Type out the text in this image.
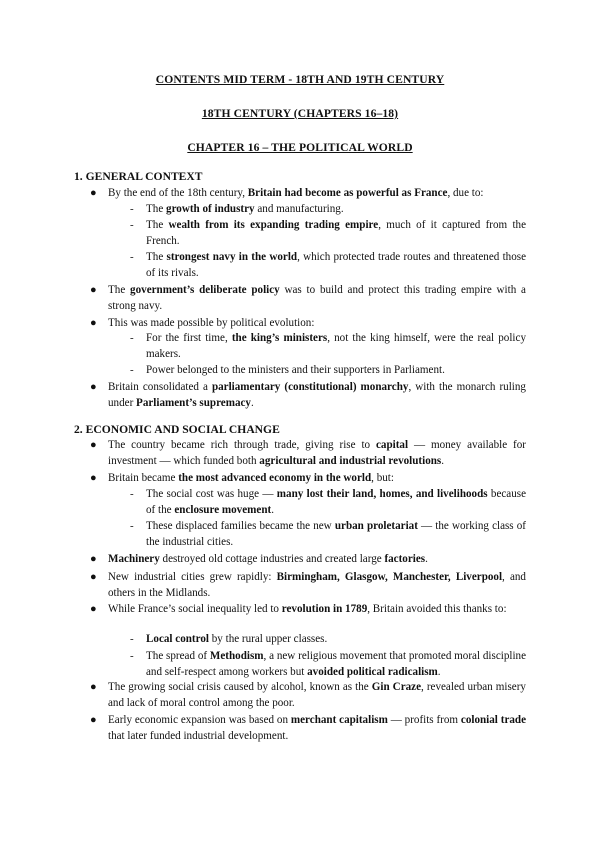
CONTENTS MID TERM - 18TH AND 19TH CENTURY
18TH CENTURY (CHAPTERS 16–18)
CHAPTER 16 – THE POLITICAL WORLD
1. GENERAL CONTEXT
● By the end of the 18th century, Britain had become as powerful as France, due to:
- The growth of industry and manufacturing.
- The wealth from its expanding trading empire, much of it captured from the French.
- The strongest navy in the world, which protected trade routes and threatened those of its rivals.
● The government’s deliberate policy was to build and protect this trading empire with a strong navy.
● This was made possible by political evolution:
- For the first time, the king’s ministers, not the king himself, were the real policy makers.
- Power belonged to the ministers and their supporters in Parliament.
● Britain consolidated a parliamentary (constitutional) monarchy, with the monarch ruling under Parliament’s supremacy.
2. ECONOMIC AND SOCIAL CHANGE
● The country became rich through trade, giving rise to capital — money available for investment — which funded both agricultural and industrial revolutions.
● Britain became the most advanced economy in the world, but:
- The social cost was huge — many lost their land, homes, and livelihoods because of the enclosure movement.
- These displaced families became the new urban proletariat — the working class of the industrial cities.
● Machinery destroyed old cottage industries and created large factories.
● New industrial cities grew rapidly: Birmingham, Glasgow, Manchester, Liverpool, and others in the Midlands.
● While France’s social inequality led to revolution in 1789, Britain avoided this thanks to:
- Local control by the rural upper classes.
- The spread of Methodism, a new religious movement that promoted moral discipline and self-respect among workers but avoided political radicalism.
● The growing social crisis caused by alcohol, known as the Gin Craze, revealed urban misery and lack of moral control among the poor.
● Early economic expansion was based on merchant capitalism — profits from colonial trade that later funded industrial development.
